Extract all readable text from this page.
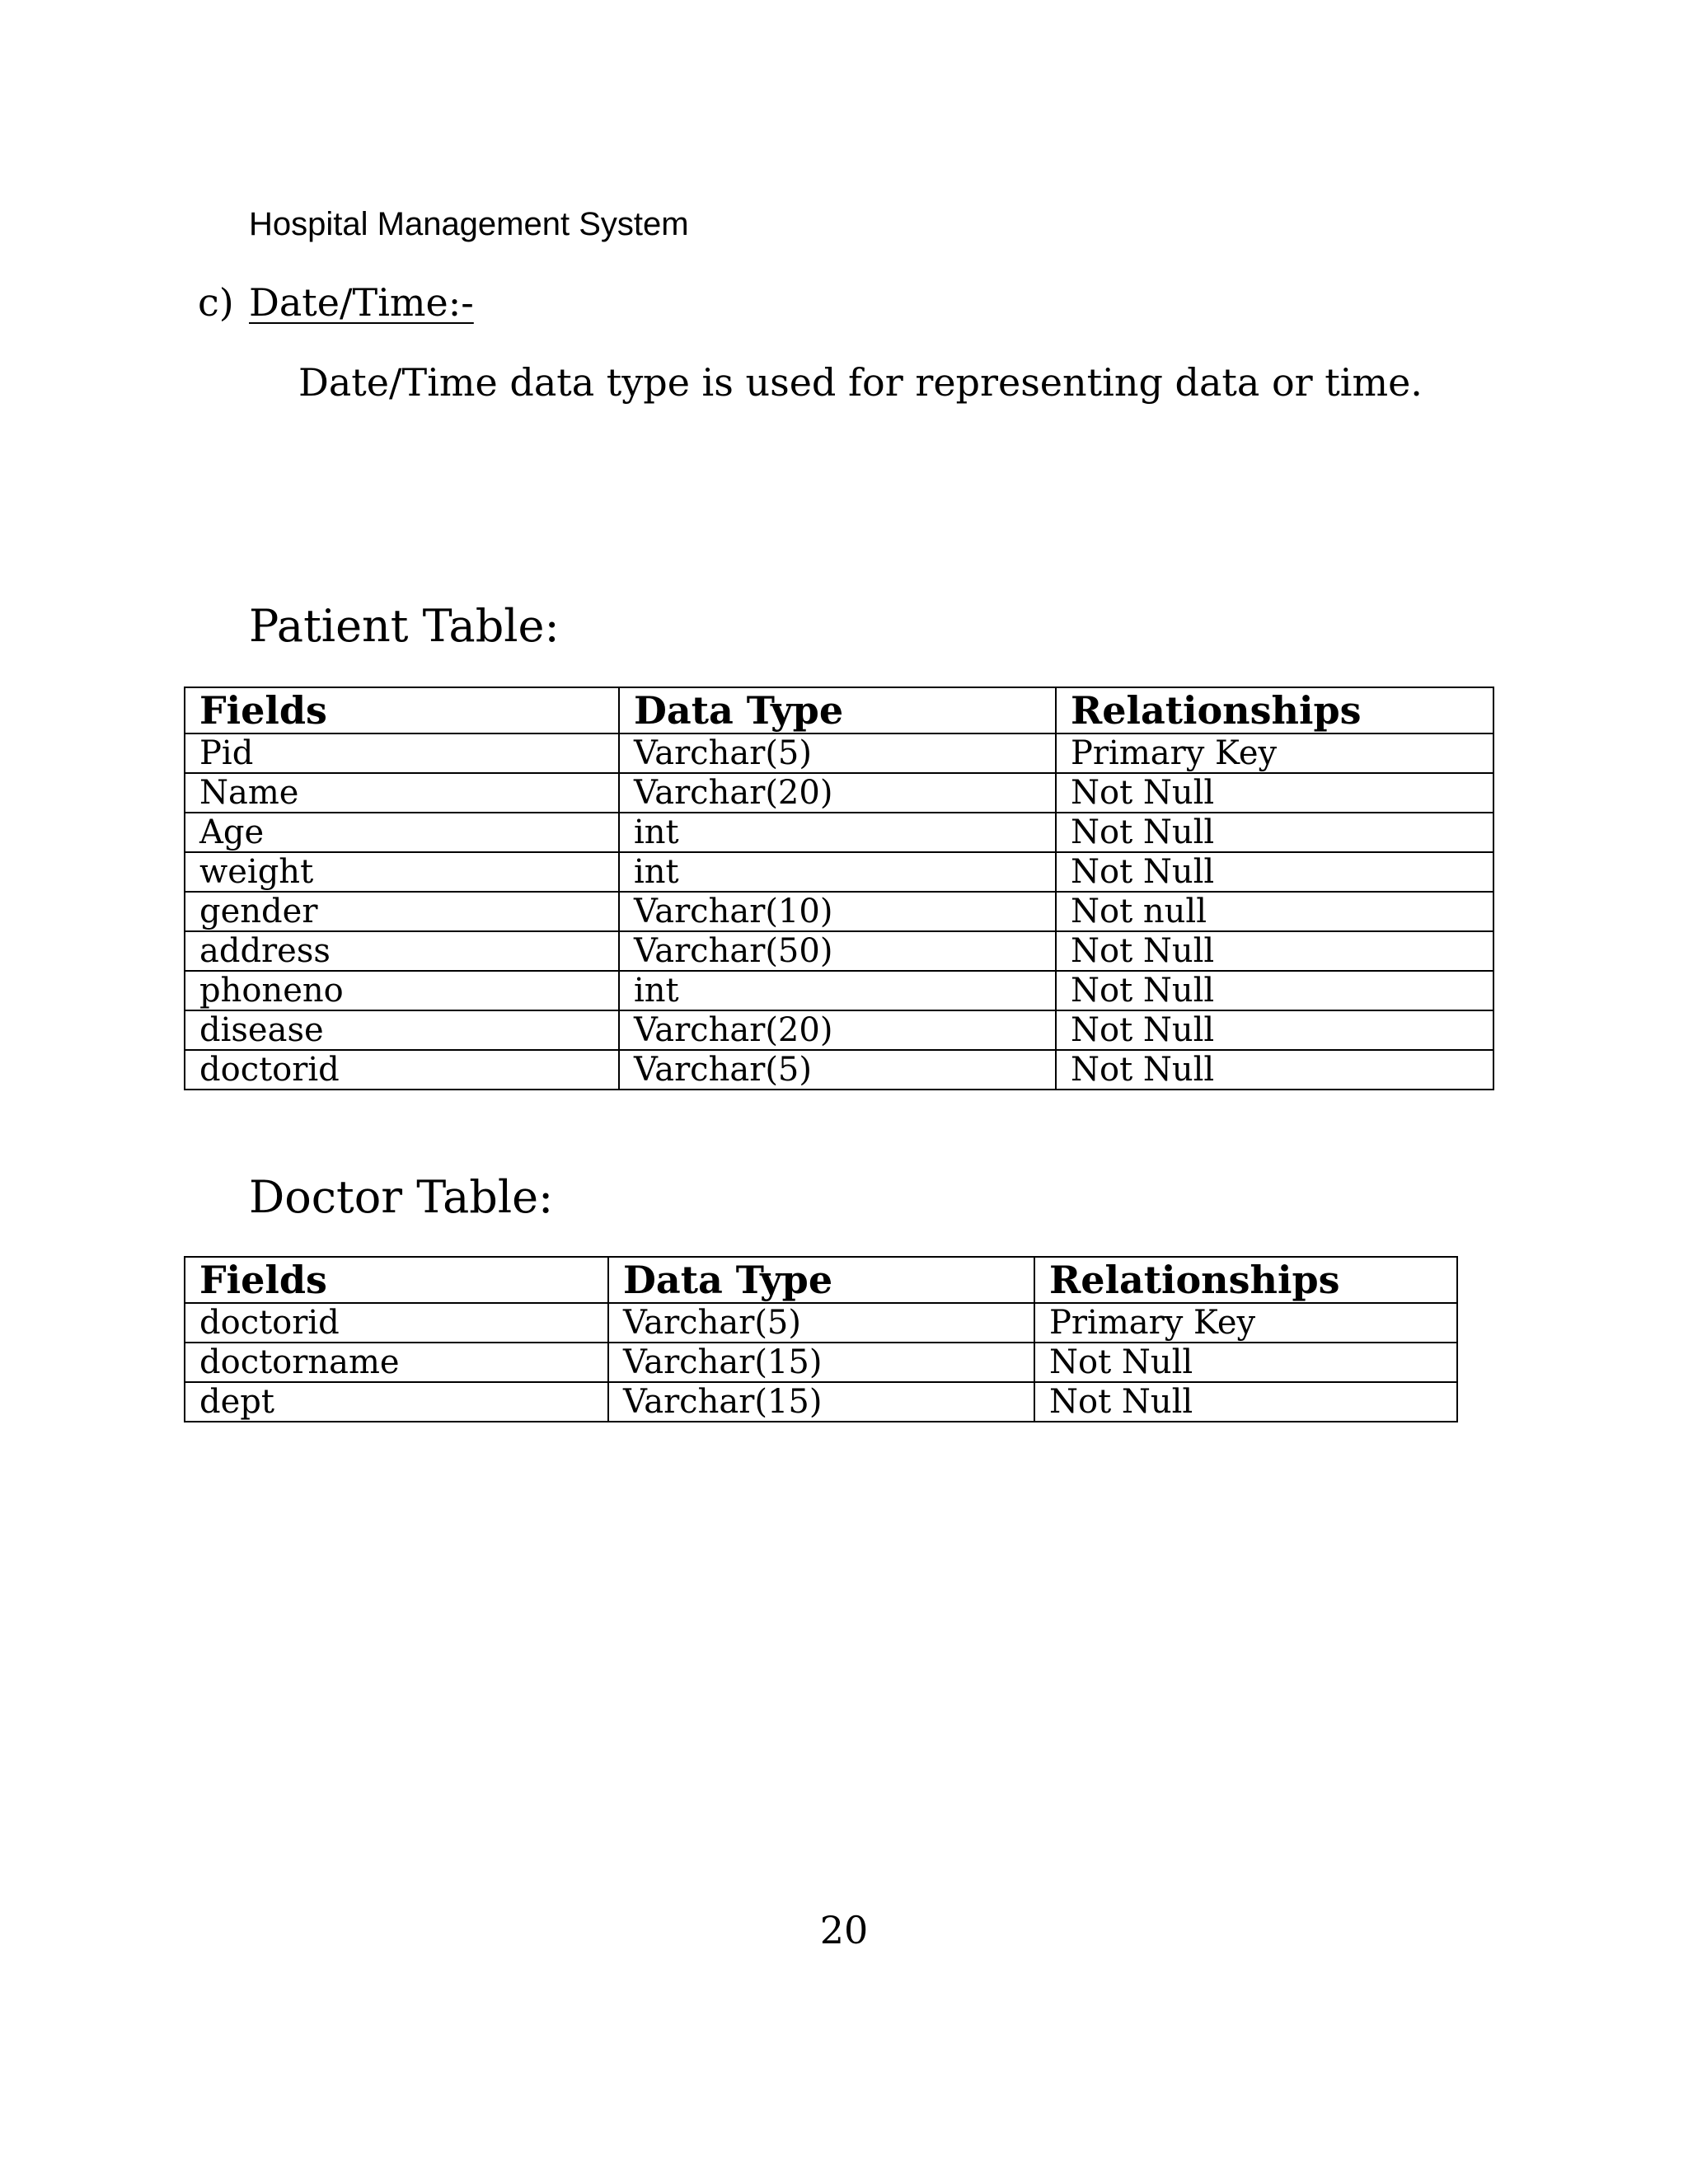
Hospital Management System
c) Date/Time:-
Date/Time data type is used for representing data or time.
Patient Table:
Fields	Data Type	Relationships
Pid	Varchar(5)	Primary Key
Name	Varchar(20)	Not Null
Age	int	Not Null
weight	int	Not Null
gender	Varchar(10)	Not null
address	Varchar(50)	Not Null
phoneno	int	Not Null
disease	Varchar(20)	Not Null
doctorid	Varchar(5)	Not Null
Doctor Table:
Fields	Data Type	Relationships
doctorid	Varchar(5)	Primary Key
doctorname	Varchar(15)	Not Null
dept	Varchar(15)	Not Null
20
